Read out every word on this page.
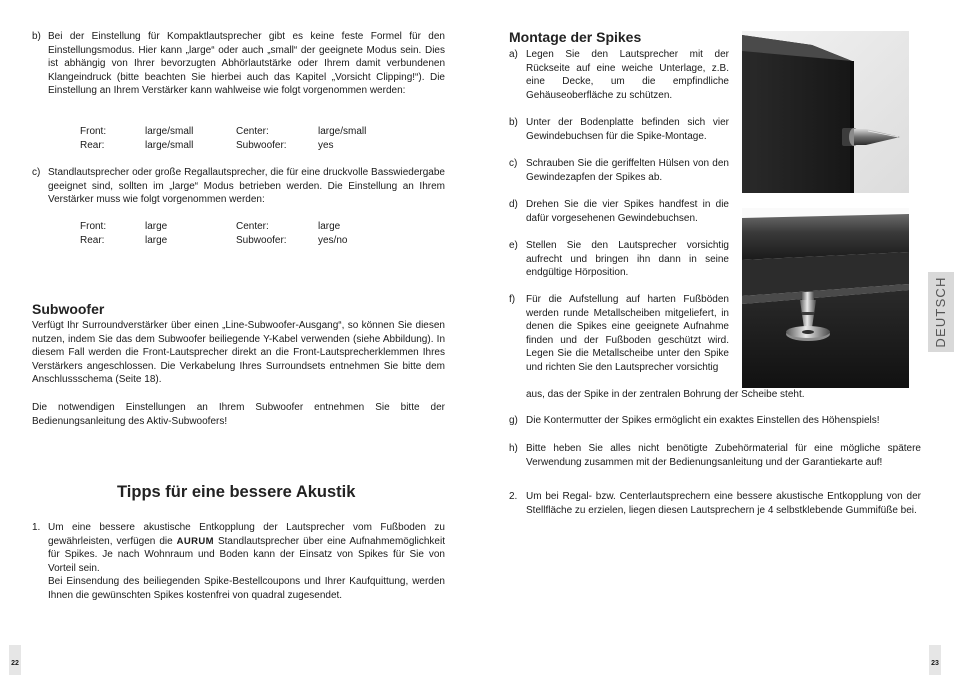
b) Bei der Einstellung für Kompaktlautsprecher gibt es keine feste Formel für den Einstellungsmodus. Hier kann „large“ oder auch „small“ der geeignete Modus sein. Dies ist abhängig von Ihrer bevorzugten Abhörlautstärke oder Ihrem damit verbundenen Klangeindruck (bitte beachten Sie hierbei auch das Kapitel „Vorsicht Clipping!“). Die Einstellung an Ihrem Verstärker kann wahlweise wie folgt vorgenommen werden:
Front:	large/small	Center:	large/small
Rear:	large/small	Subwoofer:	yes
c) Standlautsprecher oder große Regallautsprecher, die für eine druckvolle Basswiedergabe geeignet sind, sollten im „large“ Modus betrieben werden. Die Einstellung an Ihrem Verstärker muss wie folgt vorgenommen werden:
Front:	large	Center:	large
Rear:	large	Subwoofer:	yes/no
Subwoofer
Verfügt Ihr Surroundverstärker über einen „Line-Subwoofer-Ausgang“, so können Sie diesen nutzen, indem Sie das dem Subwoofer beiliegende Y-Kabel verwenden (siehe Abbildung). In diesem Fall werden die Front-Lautsprecher direkt an die Front-Lautsprecherklemmen Ihres Verstärkers angeschlossen. Die Verkabelung Ihres Surroundsets entnehmen Sie bitte dem Anschlussschema (Seite 18).
Die notwendigen Einstellungen an Ihrem Subwoofer entnehmen Sie bitte der Bedienungsanleitung des Aktiv-Subwoofers!
Tipps für eine bessere Akustik
1. Um eine bessere akustische Entkopplung der Lautsprecher vom Fußboden zu gewährleisten, verfügen die AURUM Standlautsprecher über eine Aufnahmemöglichkeit für Spikes. Je nach Wohnraum und Boden kann der Einsatz von Spikes für Sie von Vorteil sein.
Bei Einsendung des beiliegenden Spike-Bestellcoupons und Ihrer Kaufquittung, werden Ihnen die gewünschten Spikes kostenfrei von quadral zugesendet.
22
Montage der Spikes
a) Legen Sie den Lautsprecher mit der Rückseite auf eine weiche Unterlage, z.B. eine Decke, um die empfindliche Gehäuseoberfläche zu schützen.
b) Unter der Bodenplatte befinden sich vier Gewindebuchsen für die Spike-Montage.
c) Schrauben Sie die geriffelten Hülsen von den Gewindezapfen der Spikes ab.
d) Drehen Sie die vier Spikes handfest in die dafür vorgesehenen Gewindebuchsen.
e) Stellen Sie den Lautsprecher vorsichtig aufrecht und bringen ihn dann in seine endgültige Hörposition.
f) Für die Aufstellung auf harten Fußböden werden runde Metallscheiben mitgeliefert, in denen die Spikes eine geeignete Aufnahme finden und der Fußboden geschützt wird. Legen Sie die Metallscheibe unter den Spike und richten Sie den Lautsprecher vorsichtig
aus, das der Spike in der zentralen Bohrung der Scheibe steht.
g) Die Kontermutter der Spikes ermöglicht ein exaktes Einstellen des Höhenspiels!
h) Bitte heben Sie alles nicht benötigte Zubehörmaterial für eine mögliche spätere Verwendung zusammen mit der Bedienungsanleitung und der Garantiekarte auf!
2. Um bei Regal- bzw. Centerlautsprechern eine bessere akustische Entkopplung von der Stellfläche zu erzielen, liegen diesen Lautsprechern je 4 selbstklebende Gummifüße bei.
DEUTSCH
23
